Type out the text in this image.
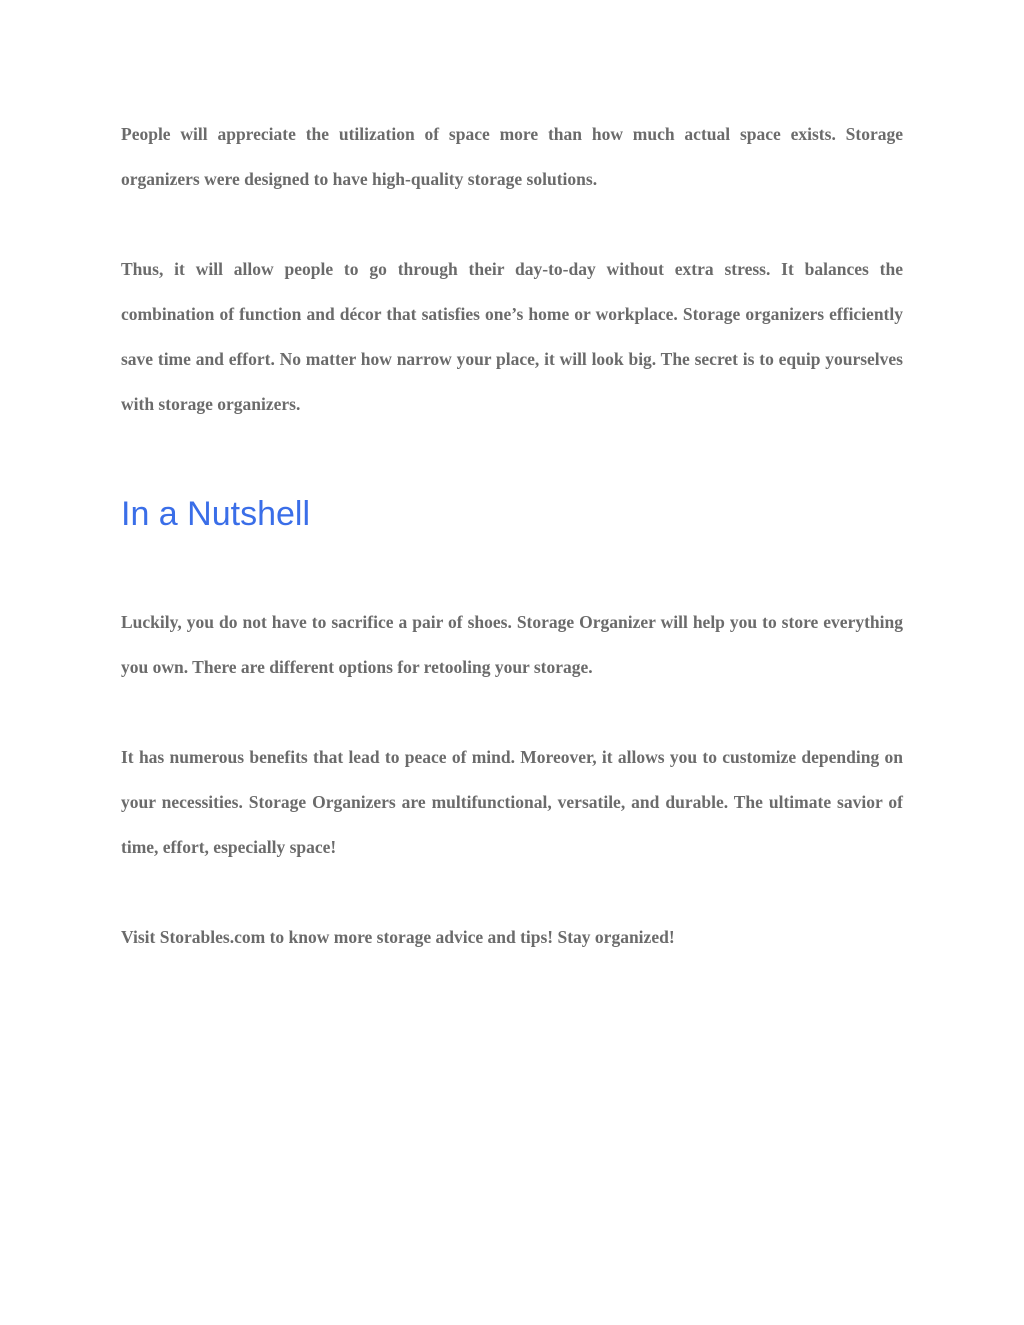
People will appreciate the utilization of space more than how much actual space exists. Storage organizers were designed to have high-quality storage solutions.

Thus, it will allow people to go through their day-to-day without extra stress. It balances the combination of function and décor that satisfies one’s home or workplace. Storage organizers efficiently save time and effort. No matter how narrow your place, it will look big. The secret is to equip yourselves with storage organizers.

In a Nutshell

Luckily, you do not have to sacrifice a pair of shoes. Storage Organizer will help you to store everything you own. There are different options for retooling your storage.

It has numerous benefits that lead to peace of mind. Moreover, it allows you to customize depending on your necessities. Storage Organizers are multifunctional, versatile, and durable. The ultimate savior of time, effort, especially space!

Visit Storables.com to know more storage advice and tips! Stay organized!
